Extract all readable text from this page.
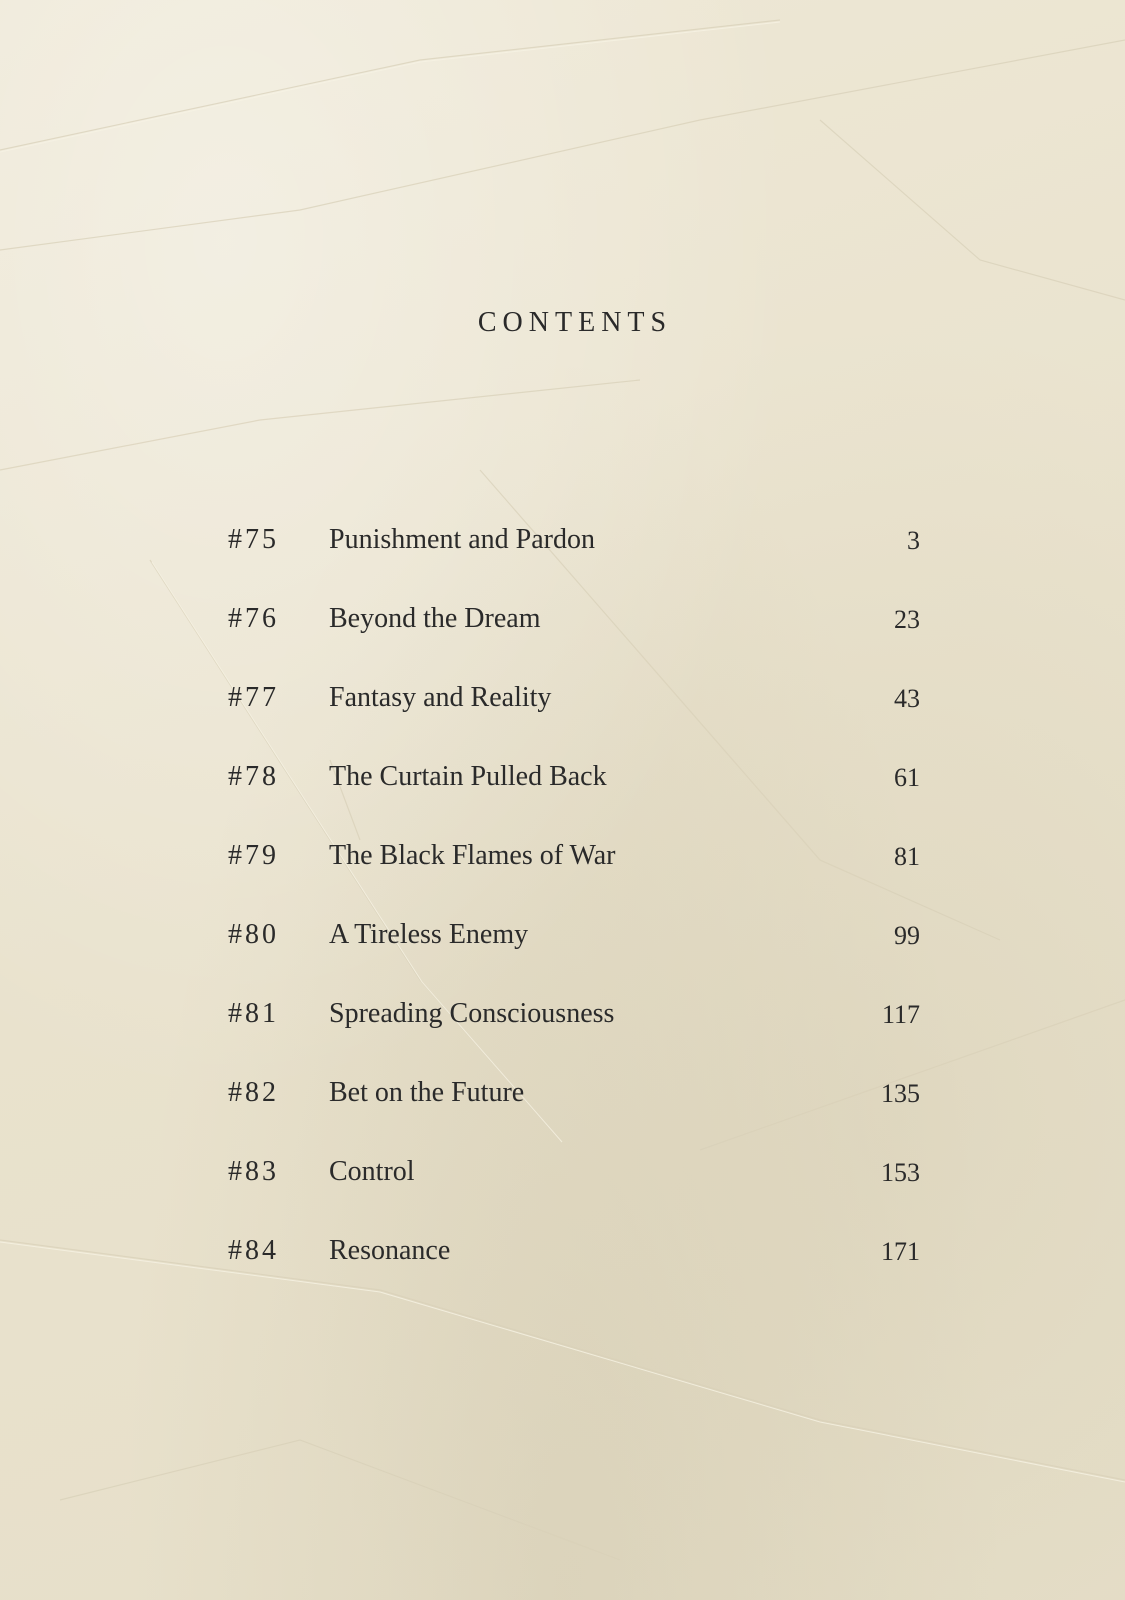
CONTENTS
#75 Punishment and Pardon	3
#76 Beyond the Dream	23
#77 Fantasy and Reality	43
#78 The Curtain Pulled Back	61
#79 The Black Flames of War	81
#80 A Tireless Enemy	99
#81 Spreading Consciousness	117
#82 Bet on the Future	135
#83 Control	153
#84 Resonance	171
